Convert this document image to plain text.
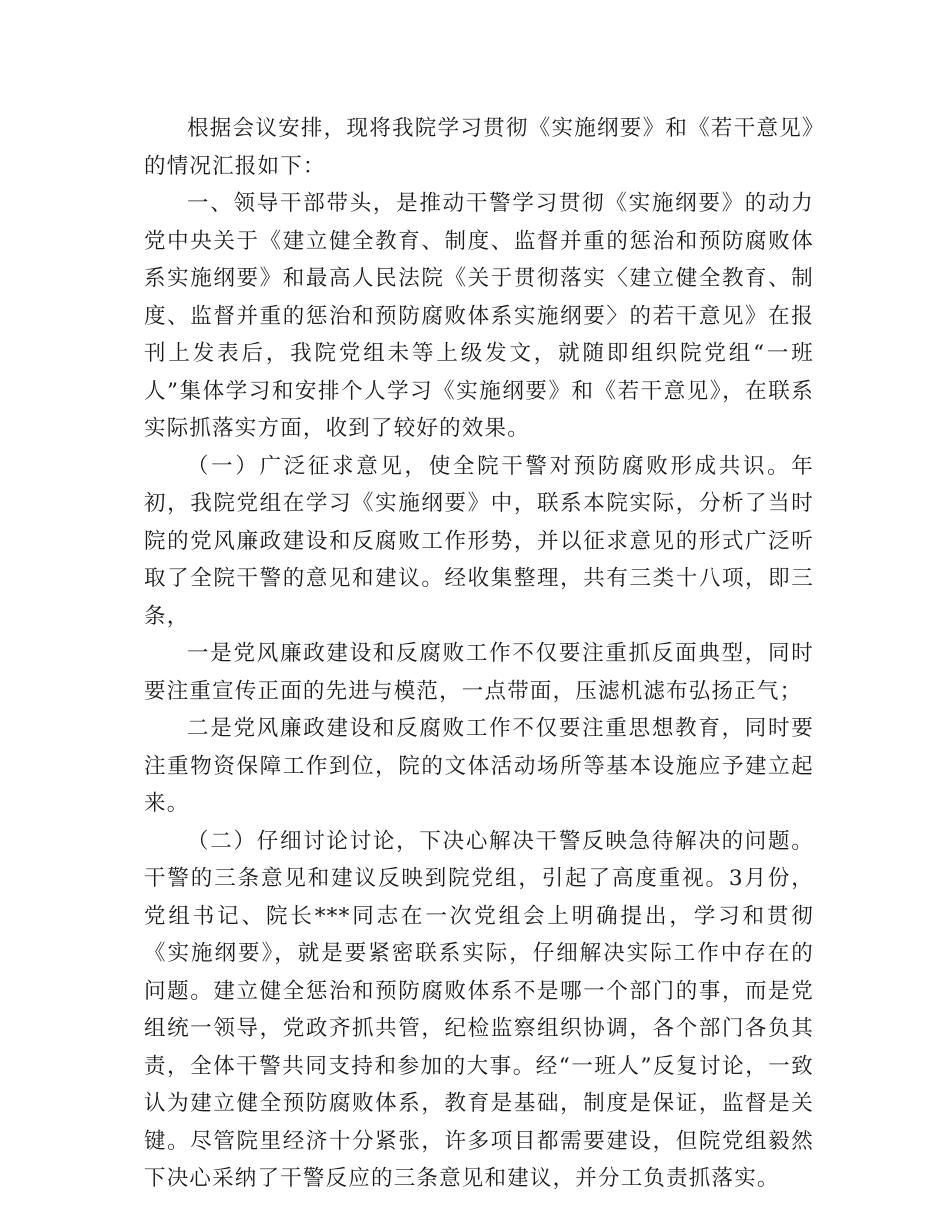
根据会议安排，现将我院学习贯彻《实施纲要》和《若干意见》的情况汇报如下：

一、领导干部带头，是推动干警学习贯彻《实施纲要》的动力党中央关于《建立健全教育、制度、监督并重的惩治和预防腐败体系实施纲要》和最高人民法院《关于贯彻落实〈建立健全教育、制度、监督并重的惩治和预防腐败体系实施纲要〉的若干意见》在报刊上发表后，我院党组未等上级发文，就随即组织院党组“一班人”集体学习和安排个人学习《实施纲要》和《若干意见》，在联系实际抓落实方面，收到了较好的效果。

（一）广泛征求意见，使全院干警对预防腐败形成共识。年初，我院党组在学习《实施纲要》中，联系本院实际，分析了当时院的党风廉政建设和反腐败工作形势，并以征求意见的形式广泛听取了全院干警的意见和建议。经收集整理，共有三类十八项，即三条，

一是党风廉政建设和反腐败工作不仅要注重抓反面典型，同时要注重宣传正面的先进与模范，一点带面，压滤机滤布弘扬正气；

二是党风廉政建设和反腐败工作不仅要注重思想教育，同时要注重物资保障工作到位，院的文体活动场所等基本设施应予建立起来。

（二）仔细讨论讨论，下决心解决干警反映急待解决的问题。干警的三条意见和建议反映到院党组，引起了高度重视。3月份，党组书记、院长***同志在一次党组会上明确提出，学习和贯彻《实施纲要》，就是要紧密联系实际，仔细解决实际工作中存在的问题。建立健全惩治和预防腐败体系不是哪一个部门的事，而是党组统一领导，党政齐抓共管，纪检监察组织协调，各个部门各负其责，全体干警共同支持和参加的大事。经“一班人”反复讨论，一致认为建立健全预防腐败体系，教育是基础，制度是保证，监督是关键。尽管院里经济十分紧张，许多项目都需要建设，但院党组毅然下决心采纳了干警反应的三条意见和建议，并分工负责抓落实。
